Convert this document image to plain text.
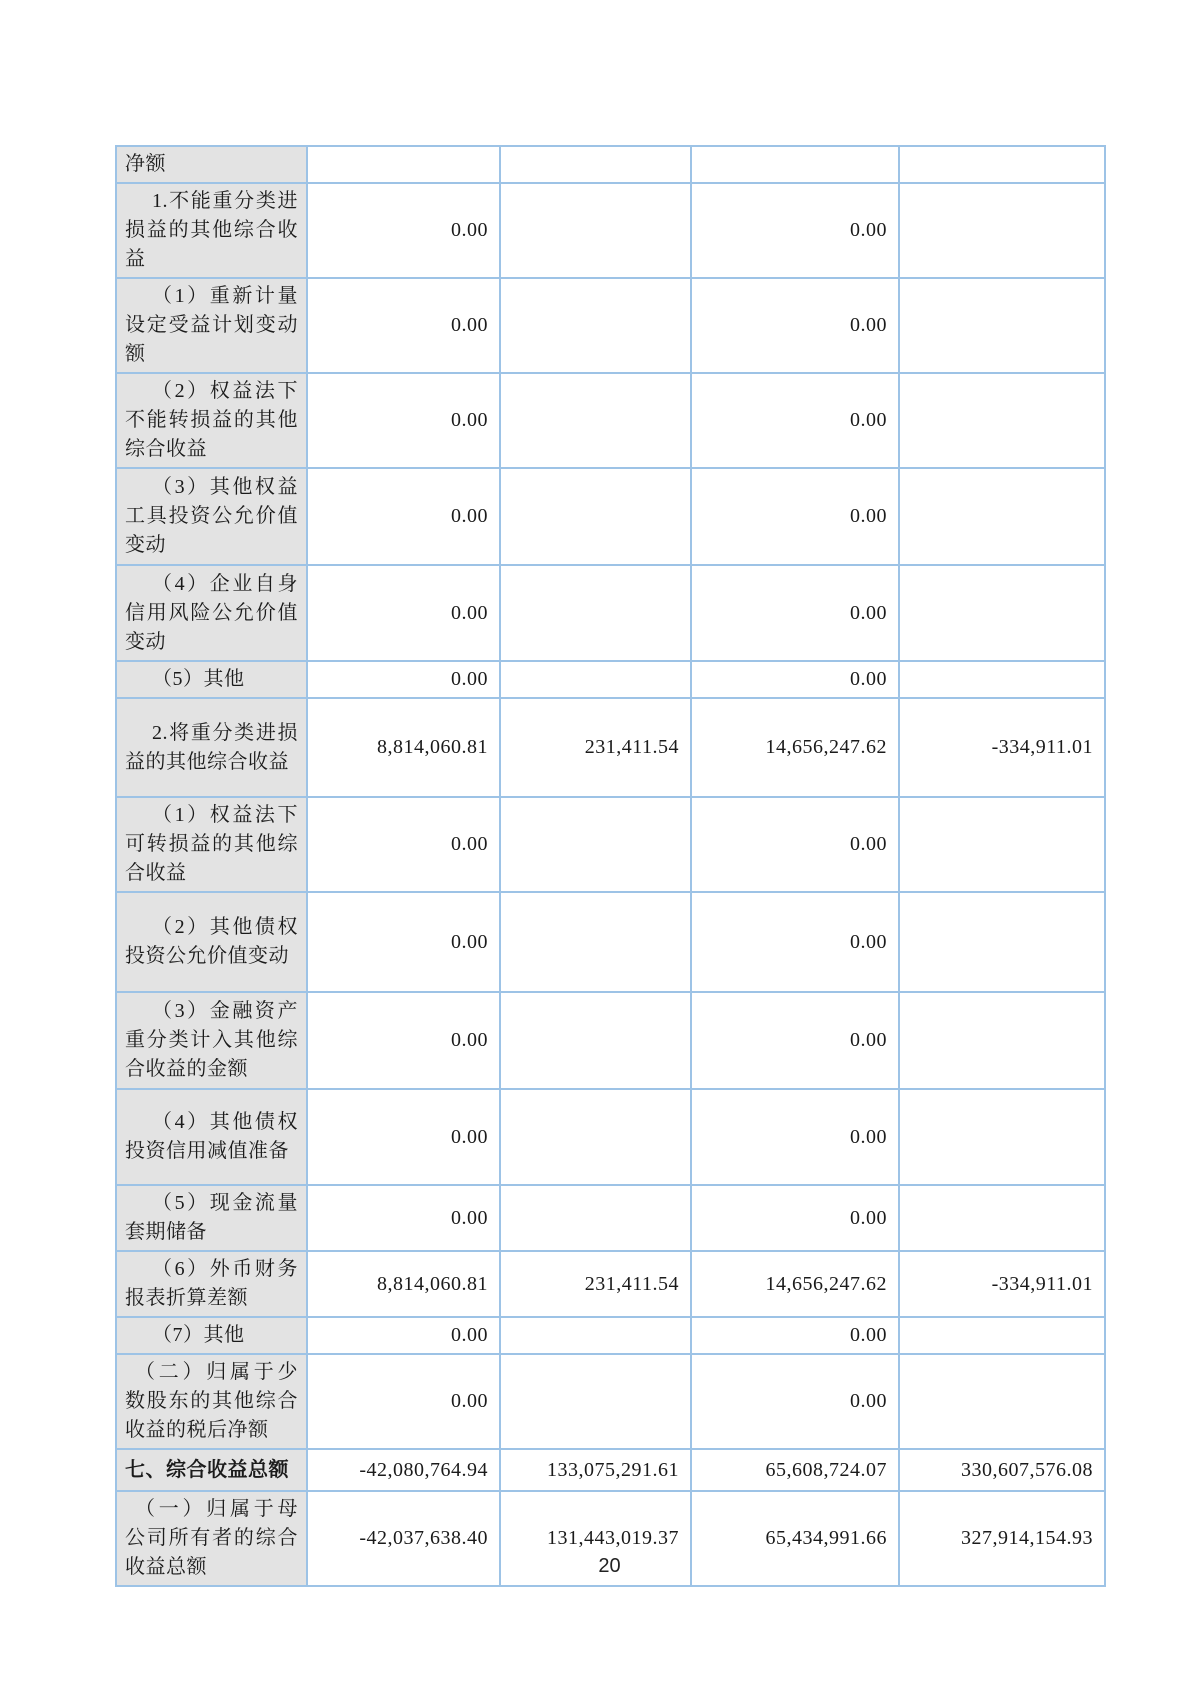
净额				
1.不能重分类进损益的其他综合收益	0.00		0.00	
（1）重新计量设定受益计划变动额	0.00		0.00	
（2）权益法下不能转损益的其他综合收益	0.00		0.00	
（3）其他权益工具投资公允价值变动	0.00		0.00	
（4）企业自身信用风险公允价值变动	0.00		0.00	
（5）其他	0.00		0.00	
2.将重分类进损益的其他综合收益	8,814,060.81	231,411.54	14,656,247.62	-334,911.01
（1）权益法下可转损益的其他综合收益	0.00		0.00	
（2）其他债权投资公允价值变动	0.00		0.00	
（3）金融资产重分类计入其他综合收益的金额	0.00		0.00	
（4）其他债权投资信用减值准备	0.00		0.00	
（5）现金流量套期储备	0.00		0.00	
（6）外币财务报表折算差额	8,814,060.81	231,411.54	14,656,247.62	-334,911.01
（7）其他	0.00		0.00	
（二）归属于少数股东的其他综合收益的税后净额	0.00		0.00	
七、综合收益总额	-42,080,764.94	133,075,291.61	65,608,724.07	330,607,576.08
（一）归属于母公司所有者的综合收益总额	-42,037,638.40	131,443,019.37	65,434,991.66	327,914,154.93
20
